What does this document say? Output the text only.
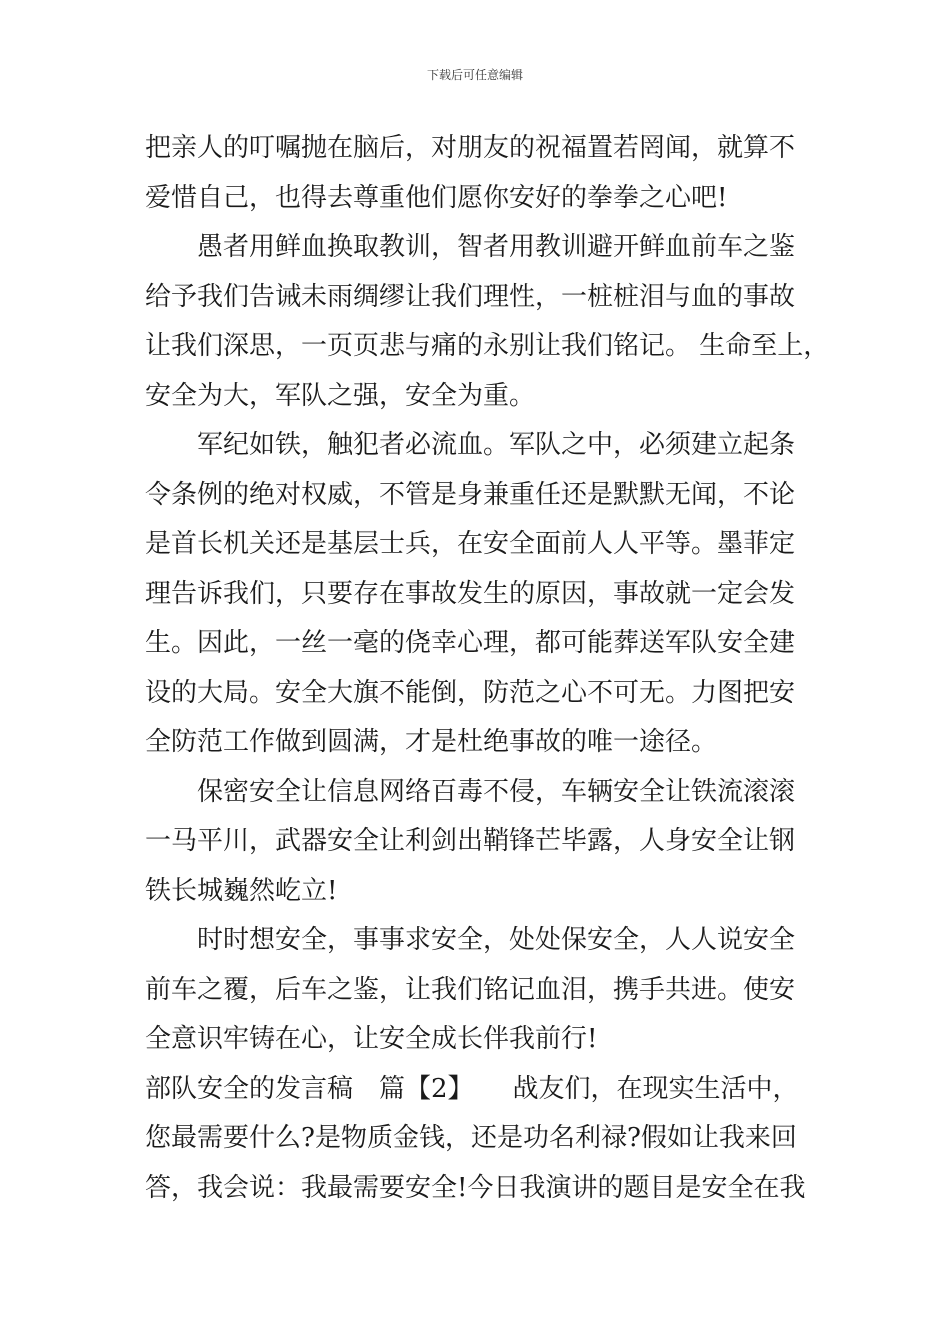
下载后可任意编辑
把亲人的叮嘱抛在脑后，对朋友的祝福置若罔闻，就算不
爱惜自己，也得去尊重他们愿你安好的拳拳之心吧!
　　愚者用鲜血换取教训，智者用教训避开鲜血前车之鉴
给予我们告诫未雨绸缪让我们理性，一桩桩泪与血的事故
让我们深思，一页页悲与痛的永别让我们铭记。 生命至上，
安全为大，军队之强，安全为重。
　　军纪如铁，触犯者必流血。军队之中，必须建立起条
令条例的绝对权威，不管是身兼重任还是默默无闻，不论
是首长机关还是基层士兵，在安全面前人人平等。墨菲定
理告诉我们，只要存在事故发生的原因，事故就一定会发
生。因此，一丝一毫的侥幸心理，都可能葬送军队安全建
设的大局。安全大旗不能倒，防范之心不可无。力图把安
全防范工作做到圆满，才是杜绝事故的唯一途径。
　　保密安全让信息网络百毒不侵，车辆安全让铁流滚滚
一马平川，武器安全让利剑出鞘锋芒毕露，人身安全让钢
铁长城巍然屹立!
　　时时想安全，事事求安全，处处保安全，人人说安全
前车之覆，后车之鉴，让我们铭记血泪，携手共进。使安
全意识牢铸在心，让安全成长伴我前行!
部队安全的发言稿　篇【2】　　战友们，在现实生活中，
您最需要什么?是物质金钱，还是功名利禄?假如让我来回
答，我会说：我最需要安全!今日我演讲的题目是安全在我
